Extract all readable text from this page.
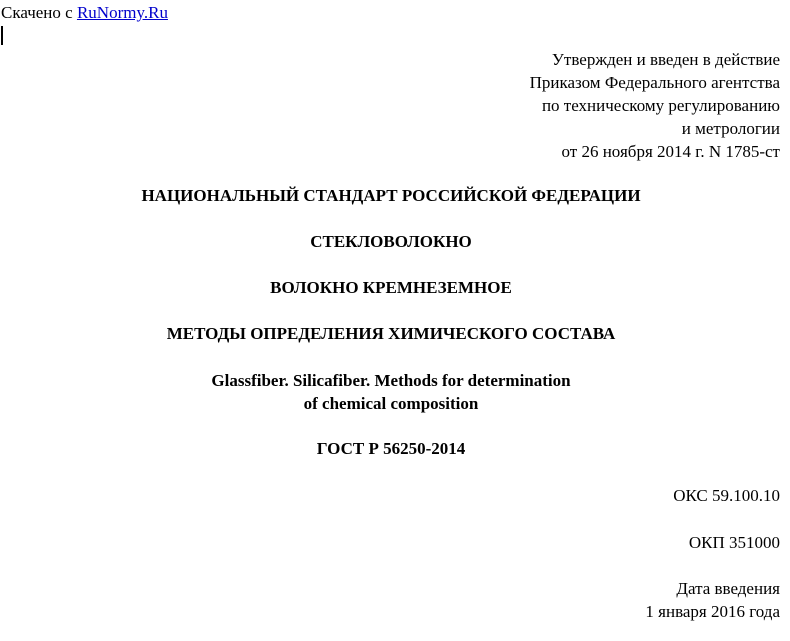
Скачено с RuNormy.Ru
Утвержден и введен в действие
Приказом Федерального агентства
по техническому регулированию
и метрологии
от 26 ноября 2014 г. N 1785-ст
НАЦИОНАЛЬНЫЙ СТАНДАРТ РОССИЙСКОЙ ФЕДЕРАЦИИ
СТЕКЛОВОЛОКНО
ВОЛОКНО КРЕМНЕЗЕМНОЕ
МЕТОДЫ ОПРЕДЕЛЕНИЯ ХИМИЧЕСКОГО СОСТАВА
Glassfiber. Silicafiber. Methods for determination
of chemical composition
ГОСТ Р 56250-2014
ОКС 59.100.10
ОКП 351000
Дата введения
1 января 2016 года
